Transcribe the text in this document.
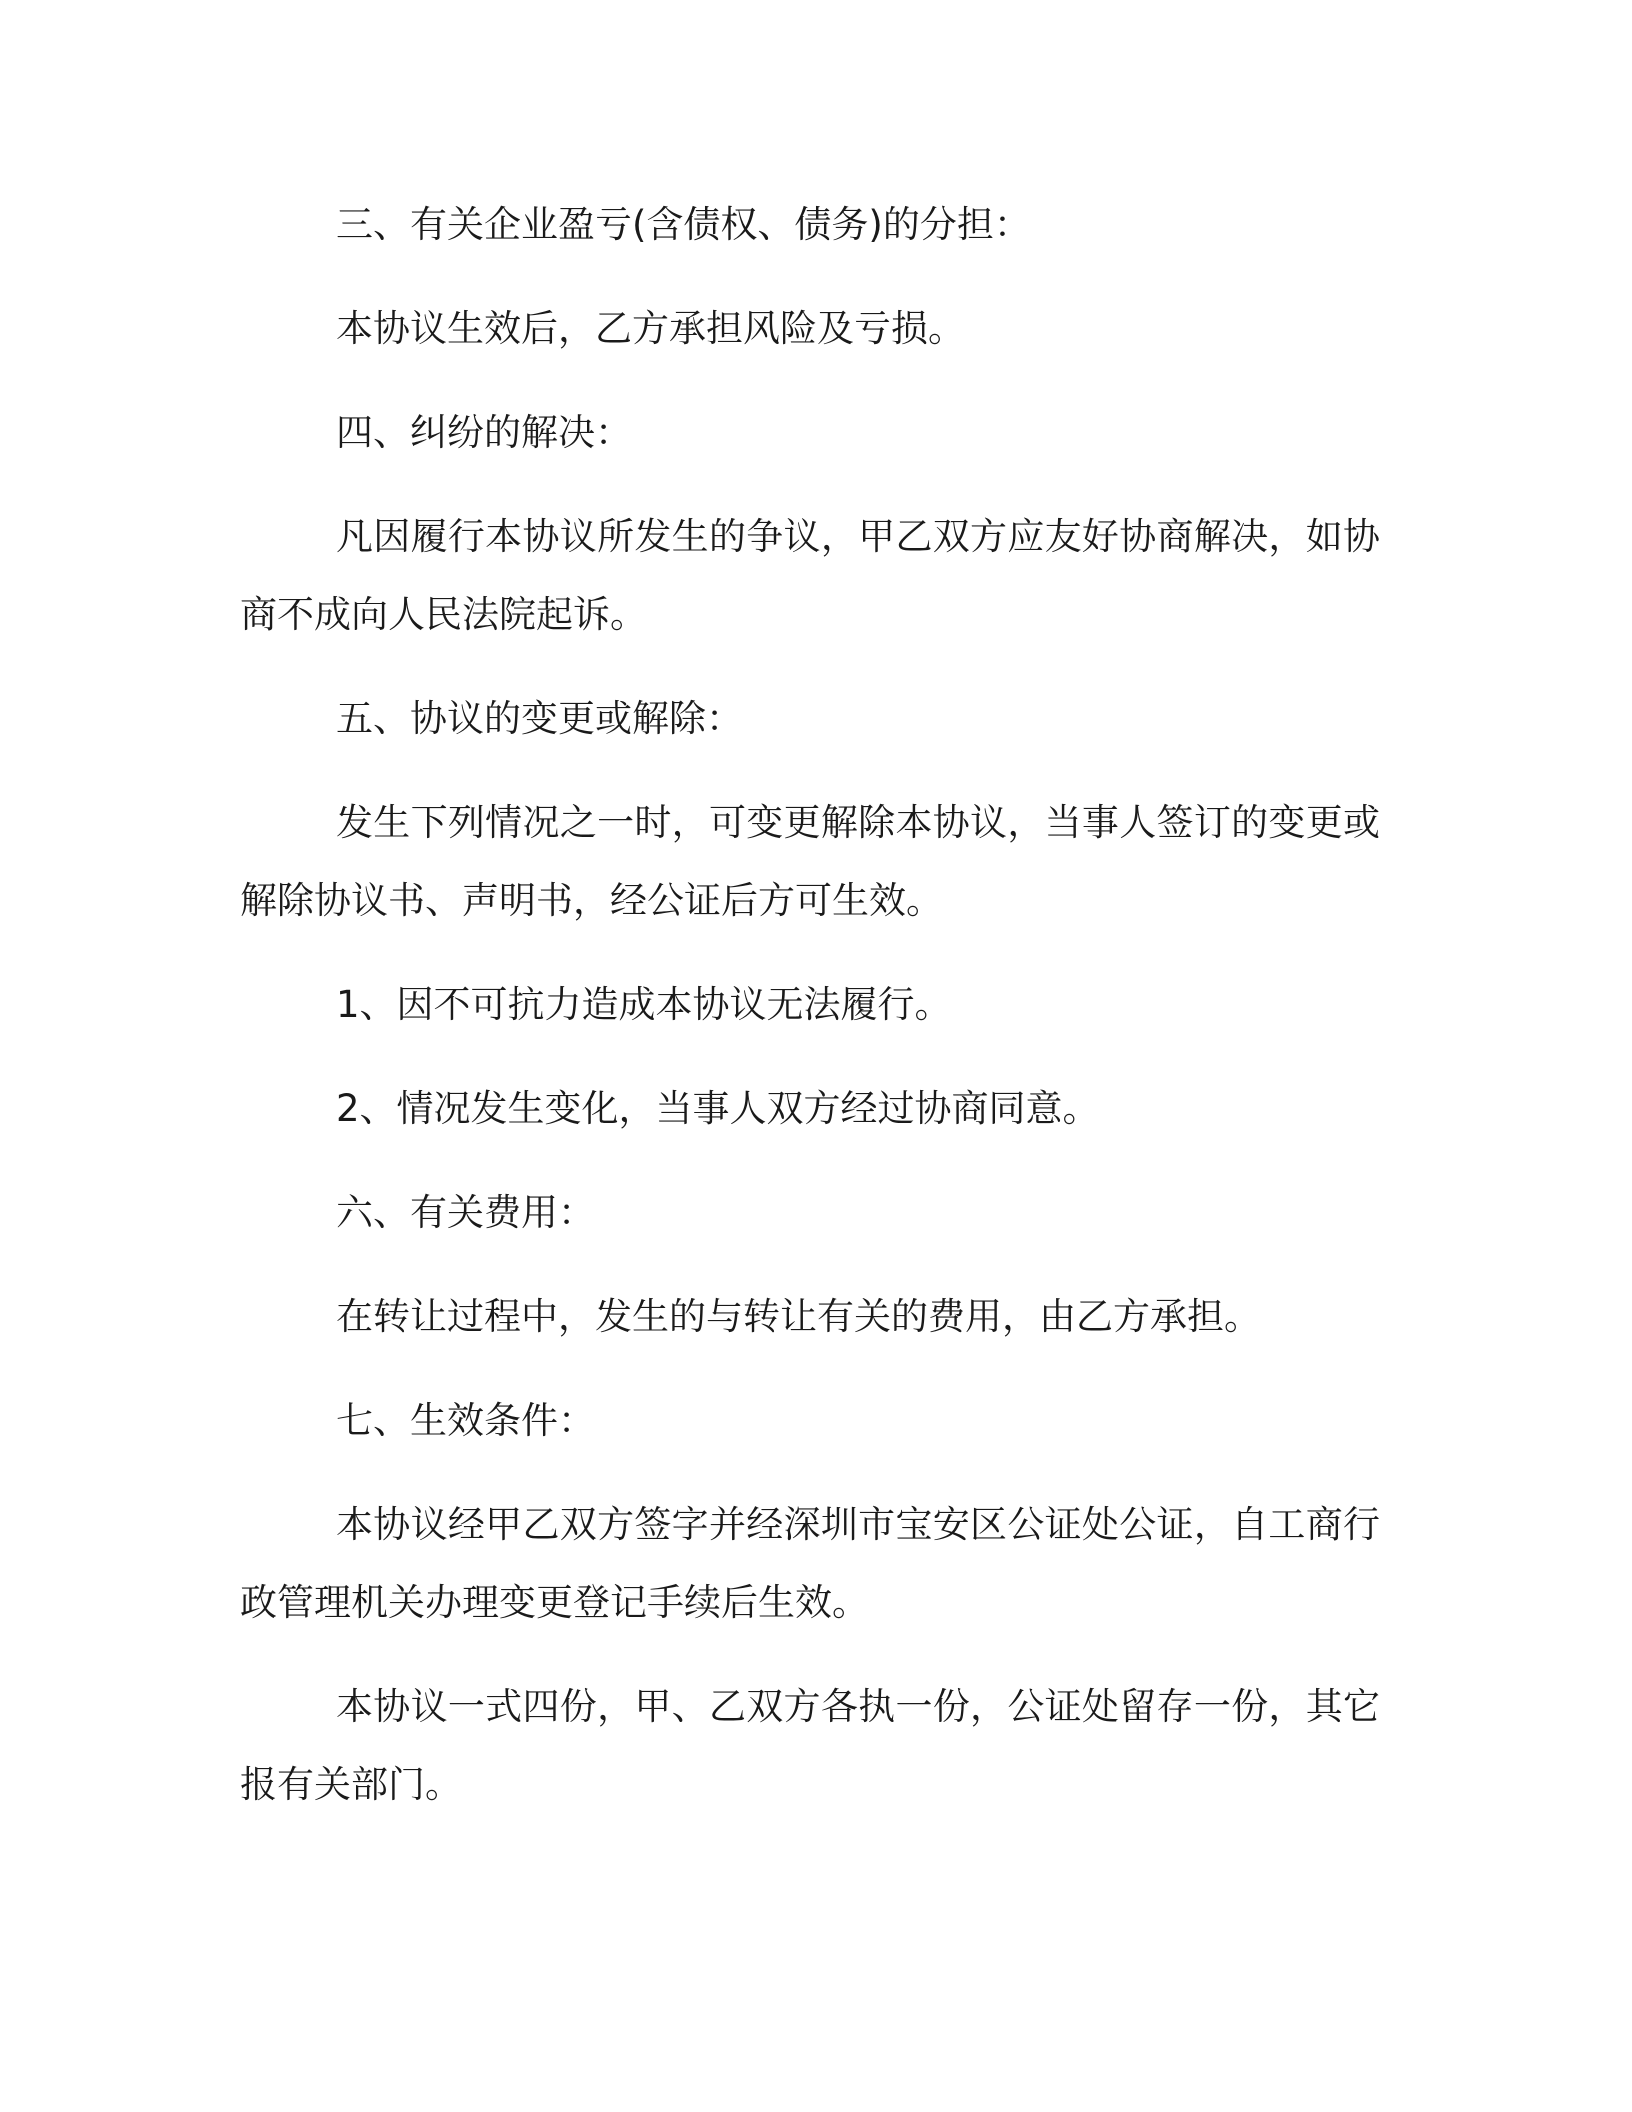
三、有关企业盈亏(含债权、债务)的分担：

本协议生效后，乙方承担风险及亏损。

四、纠纷的解决：

凡因履行本协议所发生的争议，甲乙双方应友好协商解决，如协商不成向人民法院起诉。

五、协议的变更或解除：

发生下列情况之一时，可变更解除本协议，当事人签订的变更或解除协议书、声明书，经公证后方可生效。

1、因不可抗力造成本协议无法履行。

2、情况发生变化，当事人双方经过协商同意。

六、有关费用：

在转让过程中，发生的与转让有关的费用，由乙方承担。

七、生效条件：

本协议经甲乙双方签字并经深圳市宝安区公证处公证，自工商行政管理机关办理变更登记手续后生效。

本协议一式四份，甲、乙双方各执一份，公证处留存一份，其它报有关部门。
